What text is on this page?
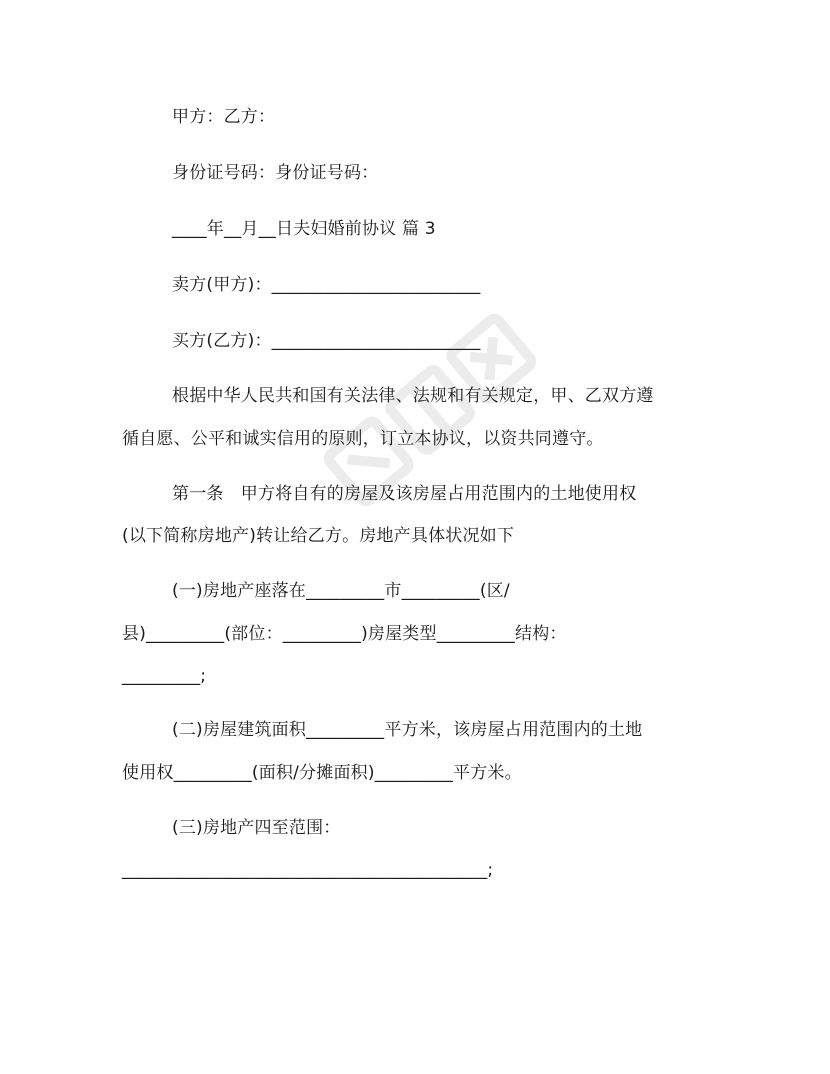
甲方：乙方：
身份证号码：身份证号码：
____年__月__日夫妇婚前协议 篇 3
卖方(甲方)：________________________
买方(乙方)：________________________
根据中华人民共和国有关法律、法规和有关规定，甲、乙双方遵
循自愿、公平和诚实信用的原则，订立本协议，以资共同遵守。
第一条　甲方将自有的房屋及该房屋占用范围内的土地使用权
(以下简称房地产)转让给乙方。房地产具体状况如下
(一)房地产座落在_________市_________(区/
县)_________(部位：_________)房屋类型_________结构：
_________;
(二)房屋建筑面积_________平方米，该房屋占用范围内的土地
使用权_________(面积/分摊面积)_________平方米。
(三)房地产四至范围：
__________________________________________;
